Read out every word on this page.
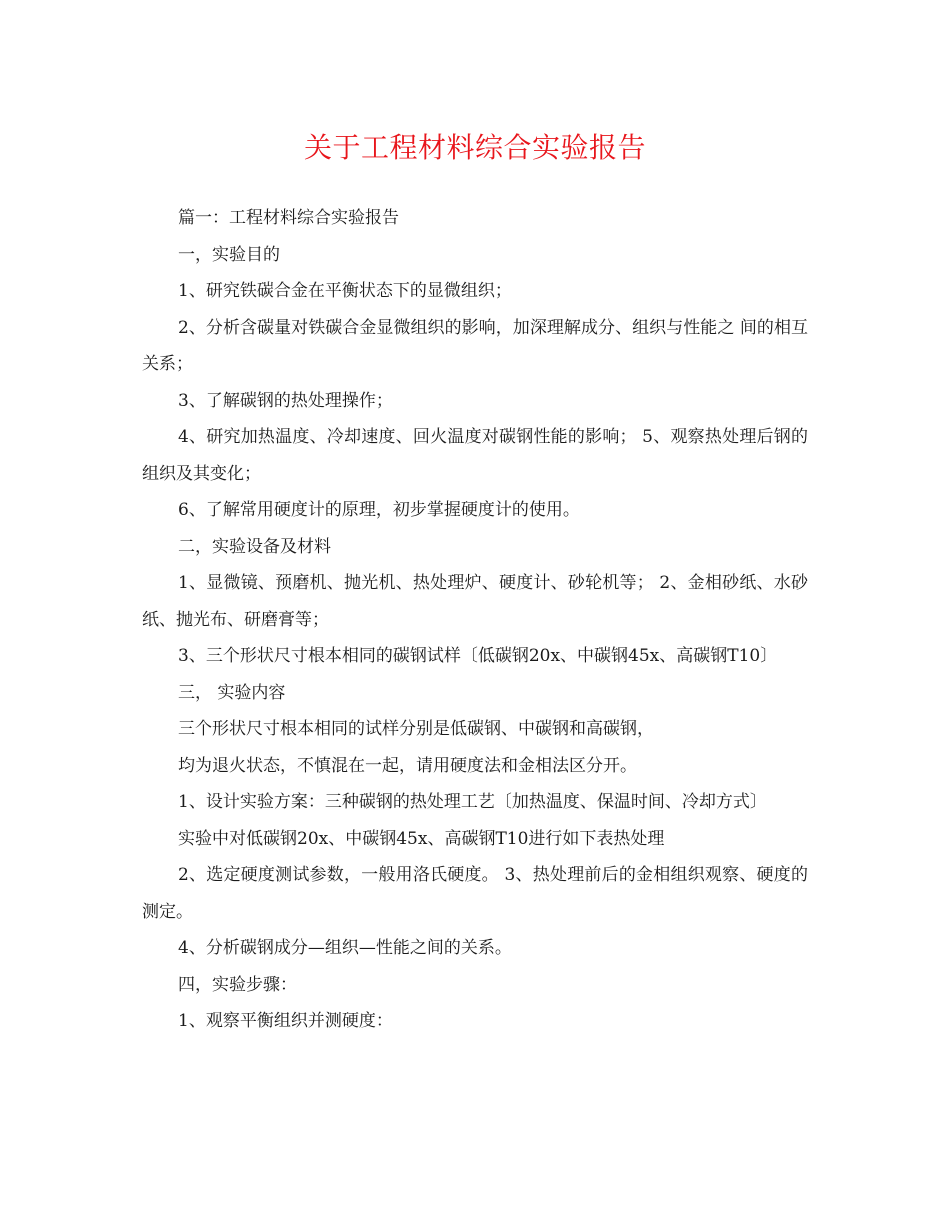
关于工程材料综合实验报告

篇一：工程材料综合实验报告

一，实验目的

1、研究铁碳合金在平衡状态下的显微组织；

2、分析含碳量对铁碳合金显微组织的影响，加深理解成分、组织与性能之 间的相互关系；

3、了解碳钢的热处理操作；

4、研究加热温度、冷却速度、回火温度对碳钢性能的影响； 5、观察热处理后钢的组织及其变化；

6、了解常用硬度计的原理，初步掌握硬度计的使用。

二，实验设备及材料

1、显微镜、预磨机、抛光机、热处理炉、硬度计、砂轮机等； 2、金相砂纸、水砂纸、抛光布、研磨膏等；

3、三个形状尺寸根本相同的碳钢试样〔低碳钢20x、中碳钢45x、高碳钢T10〕

三， 实验内容

三个形状尺寸根本相同的试样分别是低碳钢、中碳钢和高碳钢，

均为退火状态，不慎混在一起，请用硬度法和金相法区分开。

1、设计实验方案：三种碳钢的热处理工艺〔加热温度、保温时间、冷却方式〕

实验中对低碳钢20x、中碳钢45x、高碳钢T10进行如下表热处理

2、选定硬度测试参数，一般用洛氏硬度。 3、热处理前后的金相组织观察、硬度的测定。

4、分析碳钢成分—组织—性能之间的关系。

四，实验步骤：

1、观察平衡组织并测硬度：
